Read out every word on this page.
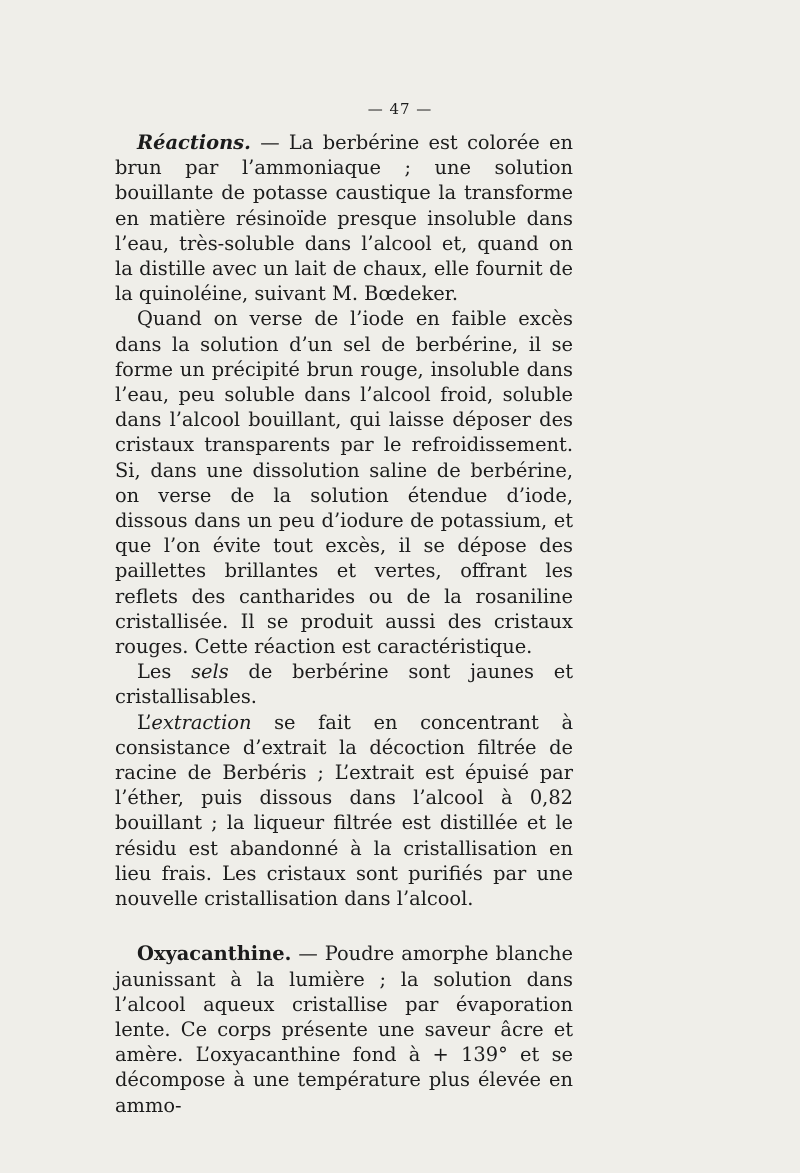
— 47 —

Réactions. — La berbérine est colorée en brun par l’ammoniaque ; une solution bouillante de potasse caustique la transforme en matière résinoïde presque insoluble dans l’eau, très-soluble dans l’alcool et, quand on la distille avec un lait de chaux, elle fournit de la quinoléine, suivant M. Bœdeker.

Quand on verse de l’iode en faible excès dans la solution d’un sel de berbérine, il se forme un précipité brun rouge, insoluble dans l’eau, peu soluble dans l’alcool froid, soluble dans l’alcool bouillant, qui laisse déposer des cristaux transparents par le refroidissement. Si, dans une dissolution saline de berbérine, on verse de la solution étendue d’iode, dissous dans un peu d’iodure de potassium, et que l’on évite tout excès, il se dépose des paillettes brillantes et vertes, offrant les reflets des cantharides ou de la rosaniline cristallisée. Il se produit aussi des cristaux rouges. Cette réaction est caractéristique.

Les sels de berbérine sont jaunes et cristallisables.

L’extraction se fait en concentrant à consistance d’extrait la décoction filtrée de racine de Berbéris ; L’extrait est épuisé par l’éther, puis dissous dans l’alcool à 0,82 bouillant ; la liqueur filtrée est distillée et le résidu est abandonné à la cristallisation en lieu frais. Les cristaux sont purifiés par une nouvelle cristallisation dans l’alcool.

Oxyacanthine. — Poudre amorphe blanche jaunissant à la lumière ; la solution dans l’alcool aqueux cristallise par évaporation lente. Ce corps présente une saveur âcre et amère. L’oxyacanthine fond à + 139° et se décompose à une température plus élevée en ammo-
